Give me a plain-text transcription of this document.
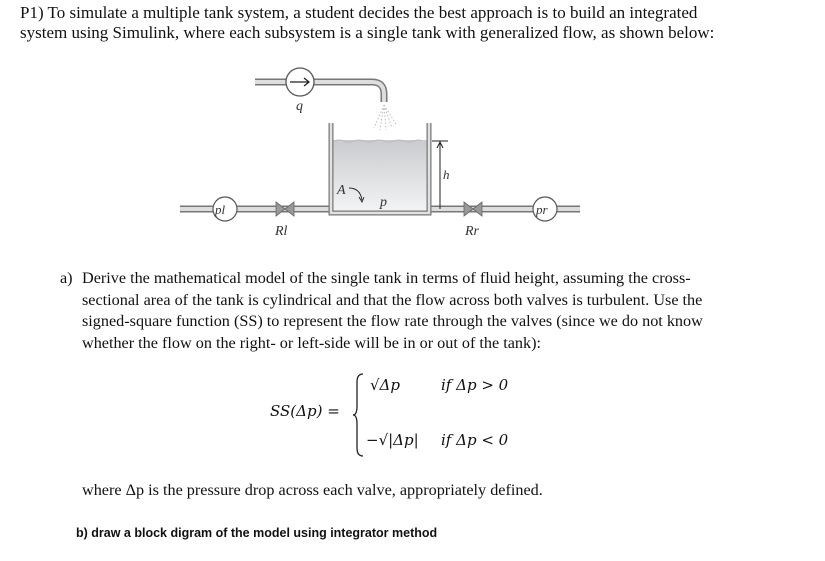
P1) To simulate a multiple tank system, a student decides the best approach is to build an integrated
system using Simulink, where each subsystem is a single tank with generalized flow, as shown below:
q
h
A
p
pl
Rl	Rr
pr
a) Derive the mathematical model of the single tank in terms of fluid height, assuming the cross-
sectional area of the tank is cylindrical and that the flow across both valves is turbulent. Use the
signed-square function (SS) to represent the flow rate through the valves (since we do not know
whether the flow on the right- or left-side will be in or out of the tank):
SS(Δp) =
√Δp	if Δp > 0
−√|Δp| if Δp < 0
where Δp is the pressure drop across each valve, appropriately defined.
b) draw a block digram of the model using integrator method
